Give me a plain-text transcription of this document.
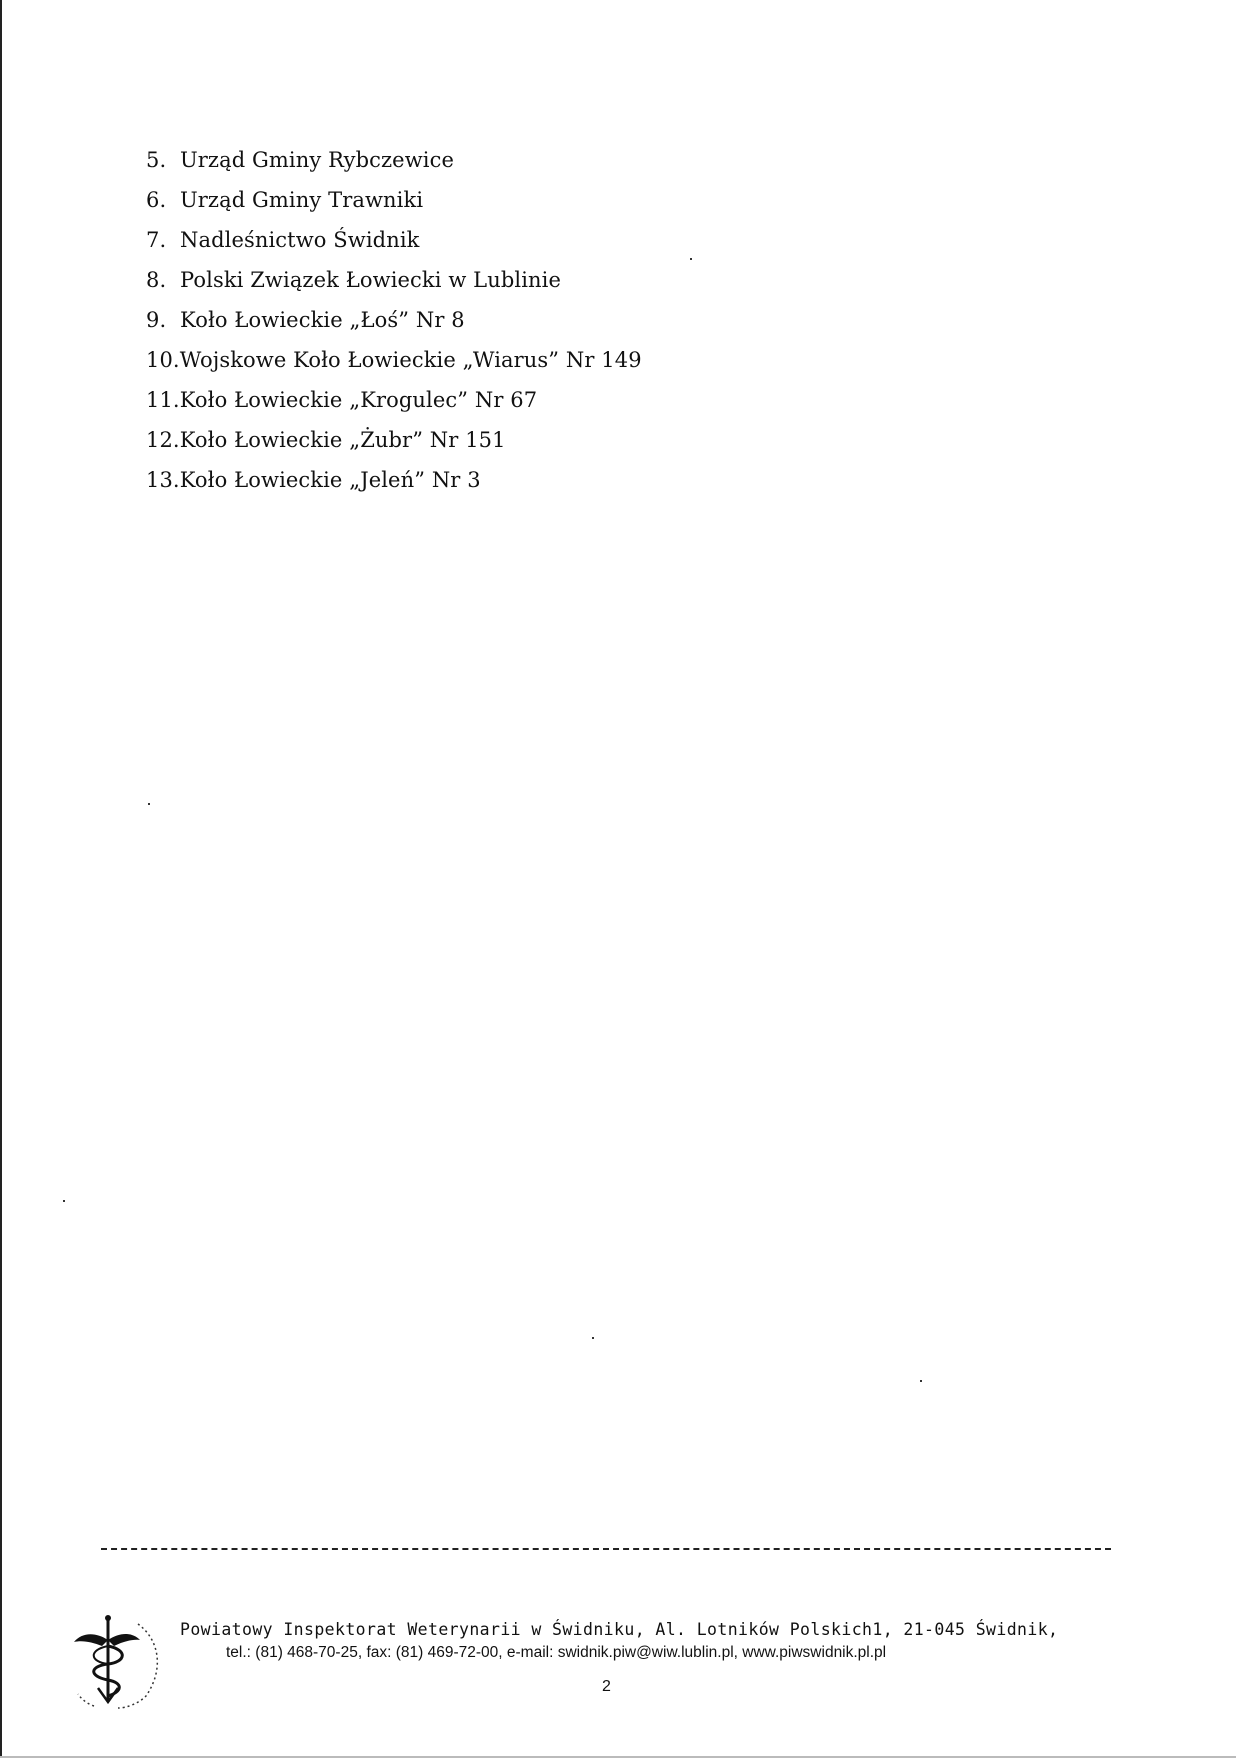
5. Urząd Gminy Rybczewice
6. Urząd Gminy Trawniki
7. Nadleśnictwo Świdnik
8. Polski Związek Łowiecki w Lublinie
9. Koło Łowieckie „Łoś” Nr 8
10.Wojskowe Koło Łowieckie „Wiarus” Nr 149
11.Koło Łowieckie „Krogulec” Nr 67
12.Koło Łowieckie „Żubr” Nr 151
13.Koło Łowieckie „Jeleń” Nr 3
Powiatowy Inspektorat Weterynarii w Świdniku, Al. Lotników Polskich1, 21-045 Świdnik,
tel.: (81) 468-70-25, fax: (81) 469-72-00, e-mail: swidnik.piw@wiw.lublin.pl, www.piwswidnik.pl.pl
2
